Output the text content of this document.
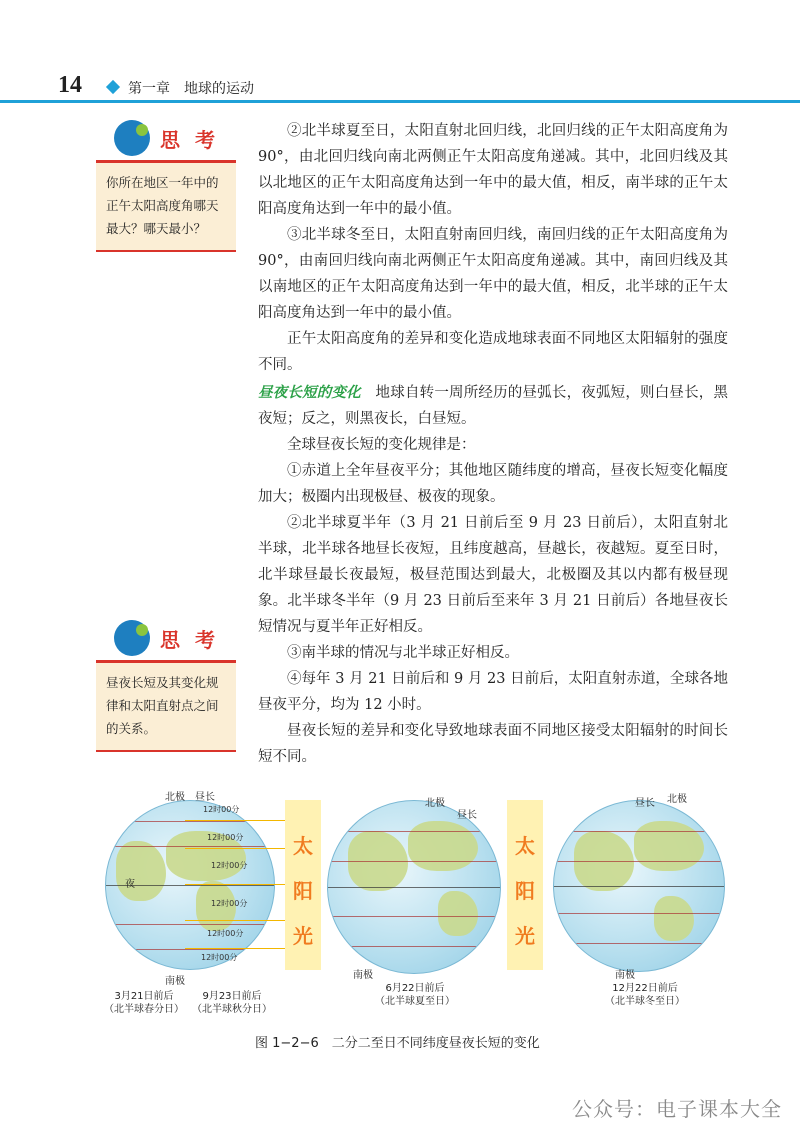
14	第一章　地球的运动
思 考
你所在地区一年中的正午太阳高度角哪天最大？哪天最小？
思 考
昼夜长短及其变化规律和太阳直射点之间的关系。

②北半球夏至日，太阳直射北回归线，北回归线的正午太阳高度角为 90°，由北回归线向南北两侧正午太阳高度角递减。其中，北回归线及其以北地区的正午太阳高度角达到一年中的最大值，相反，南半球的正午太阳高度角达到一年中的最小值。

③北半球冬至日，太阳直射南回归线，南回归线的正午太阳高度角为 90°，由南回归线向南北两侧正午太阳高度角递减。其中，南回归线及其以南地区的正午太阳高度角达到一年中的最大值，相反，北半球的正午太阳高度角达到一年中的最小值。

正午太阳高度角的差异和变化造成地球表面不同地区太阳辐射的强度不同。

昼夜长短的变化　地球自转一周所经历的昼弧长，夜弧短，则白昼长，黑夜短；反之，则黑夜长，白昼短。

全球昼夜长短的变化规律是：

①赤道上全年昼夜平分；其他地区随纬度的增高，昼夜长短变化幅度加大；极圈内出现极昼、极夜的现象。

②北半球夏半年（3 月 21 日前后至 9 月 23 日前后），太阳直射北半球，北半球各地昼长夜短，且纬度越高，昼越长，夜越短。夏至日时，北半球昼最长夜最短，极昼范围达到最大，北极圈及其以内都有极昼现象。北半球冬半年（9 月 23 日前后至来年 3 月 21 日前后）各地昼夜长短情况与夏半年正好相反。

③南半球的情况与北半球正好相反。

④每年 3 月 21 日前后和 9 月 23 日前后，太阳直射赤道，全球各地昼夜平分，均为 12 小时。

昼夜长短的差异和变化导致地球表面不同地区接受太阳辐射的时间长短不同。

北极 昼长
夜
南极
12时00分
12时00分
12时00分
12时00分
12时00分
12时00分
太
阳
光
北极
昼长
南极
太
阳
光
昼长 北极
南极
3月21日前后
（北半球春分日）
9月23日前后
（北半球秋分日）
6月22日前后
（北半球夏至日）
12月22日前后
（北半球冬至日）
图 1−2−6　二分二至日不同纬度昼夜长短的变化
公众号：电子课本大全
